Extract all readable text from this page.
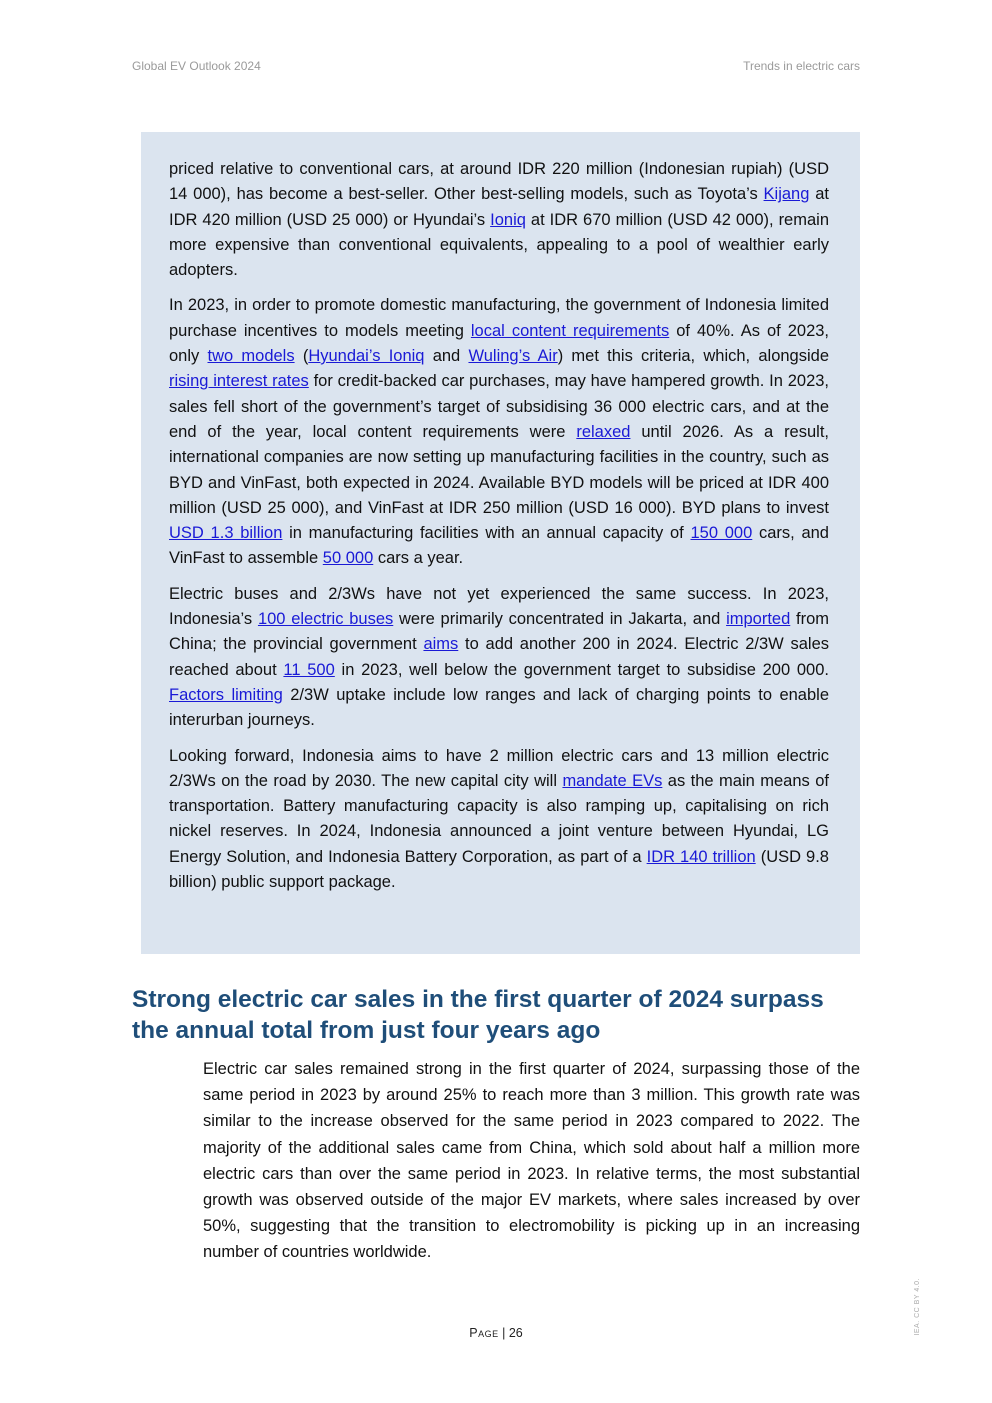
Global EV Outlook 2024	Trends in electric cars

priced relative to conventional cars, at around IDR 220 million (Indonesian rupiah) (USD 14 000), has become a best-seller. Other best-selling models, such as Toyota’s Kijang at IDR 420 million (USD 25 000) or Hyundai’s Ioniq at IDR 670 million (USD 42 000), remain more expensive than conventional equivalents, appealing to a pool of wealthier early adopters.

In 2023, in order to promote domestic manufacturing, the government of Indonesia limited purchase incentives to models meeting local content requirements of 40%. As of 2023, only two models (Hyundai’s Ioniq and Wuling’s Air) met this criteria, which, alongside rising interest rates for credit-backed car purchases, may have hampered growth. In 2023, sales fell short of the government’s target of subsidising 36 000 electric cars, and at the end of the year, local content requirements were relaxed until 2026. As a result, international companies are now setting up manufacturing facilities in the country, such as BYD and VinFast, both expected in 2024. Available BYD models will be priced at IDR 400 million (USD 25 000), and VinFast at IDR 250 million (USD 16 000). BYD plans to invest USD 1.3 billion in manufacturing facilities with an annual capacity of 150 000 cars, and VinFast to assemble 50 000 cars a year.

Electric buses and 2/3Ws have not yet experienced the same success. In 2023, Indonesia’s 100 electric buses were primarily concentrated in Jakarta, and imported from China; the provincial government aims to add another 200 in 2024. Electric 2/3W sales reached about 11 500 in 2023, well below the government target to subsidise 200 000. Factors limiting 2/3W uptake include low ranges and lack of charging points to enable interurban journeys.

Looking forward, Indonesia aims to have 2 million electric cars and 13 million electric 2/3Ws on the road by 2030. The new capital city will mandate EVs as the main means of transportation. Battery manufacturing capacity is also ramping up, capitalising on rich nickel reserves. In 2024, Indonesia announced a joint venture between Hyundai, LG Energy Solution, and Indonesia Battery Corporation, as part of a IDR 140 trillion (USD 9.8 billion) public support package.

Strong electric car sales in the first quarter of 2024 surpass the annual total from just four years ago

Electric car sales remained strong in the first quarter of 2024, surpassing those of the same period in 2023 by around 25% to reach more than 3 million. This growth rate was similar to the increase observed for the same period in 2023 compared to 2022. The majority of the additional sales came from China, which sold about half a million more electric cars than over the same period in 2023. In relative terms, the most substantial growth was observed outside of the major EV markets, where sales increased by over 50%, suggesting that the transition to electromobility is picking up in an increasing number of countries worldwide.

Page | 26	IEA. CC BY 4.0.
